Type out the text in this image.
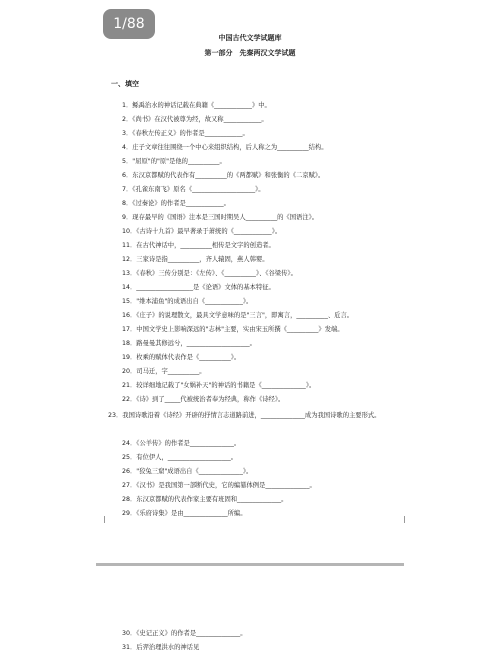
1/88
中国古代文学试题库
第一部分　先秦两汉文学试题
一、填空
1．鲧禹治水的神话记载在典籍《____________》中。
2．《尚书》在汉代被尊为经，故又称____________。
3．《春秋左传正义》的作者是____________。
4．庄子文章往往围绕一个中心来组织结构，后人称之为__________结构。
5．"屈原"的"原"是他的__________。
6．东汉京都赋的代表作有__________的《两都赋》和张衡的《二京赋》。
7．《孔雀东南飞》原名《____________________》。
8．《过秦论》的作者是____________。
9．现存最早的《国语》注本是三国时期吴人__________的《国语注》。
10．《古诗十九首》最早著录于萧统的《____________》。
11．在古代神话中，__________相传是文字的创造者。
12．三家诗是指__________，齐人辕固，燕人韩婴。
13．《春秋》三传分别是：《左传》、《__________》、《谷梁传》。
14．__________________是《论语》文体的基本特征。
15．"维本浦鱼"的成语出自《____________》。
16．《庄子》的说理散文，最具文学意味的是"三言"，即寓言，__________、卮言。
17．中国文学史上影响深远的"志林"主要，实由宋玉所撰《__________》发端。
18．路曼曼其修远兮，____________________。
19．枚乘的赋体代表作是《__________》。
20．司马迁，字__________。
21．较详细地记载了"女娲补天"的神话的书籍是《______________》。
22．《诗》到了_____代被统治者奉为经典，称作《诗经》。
23．我国诗歌沿着《诗经》开辟的抒情言志道路前进，______________成为我国诗歌的主要形式。
24．《公羊传》的作者是______________。
25．有位伊人，____________________。
26．"狡兔三窟"成语出自《______________》。
27．《汉书》是我国第一部断代史，它的编纂体例是______________。
28．东汉京都赋的代表作家主要有班固和______________。
29．《乐府诗集》是由______________所编。
30．《史记正义》的作者是______________。
31．后羿治理洪水的神话见
